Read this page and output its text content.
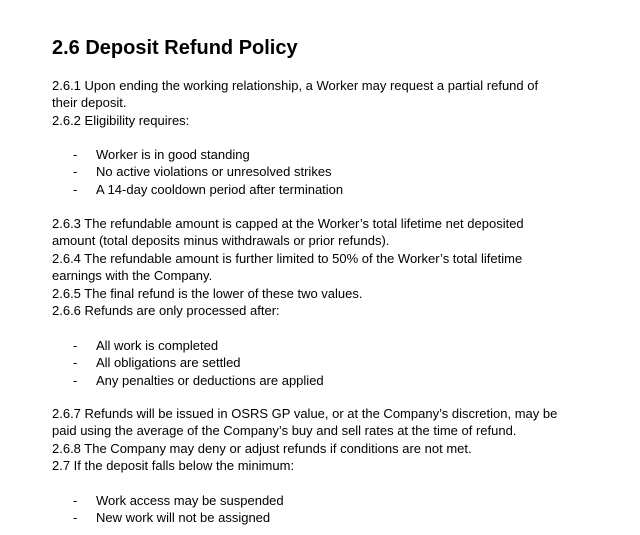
2.6 Deposit Refund Policy
2.6.1 Upon ending the working relationship, a Worker may request a partial refund of
their deposit.
2.6.2 Eligibility requires:
- Worker is in good standing
- No active violations or unresolved strikes
- A 14-day cooldown period after termination
2.6.3 The refundable amount is capped at the Worker’s total lifetime net deposited
amount (total deposits minus withdrawals or prior refunds).
2.6.4 The refundable amount is further limited to 50% of the Worker’s total lifetime
earnings with the Company.
2.6.5 The final refund is the lower of these two values.
2.6.6 Refunds are only processed after:
- All work is completed
- All obligations are settled
- Any penalties or deductions are applied
2.6.7 Refunds will be issued in OSRS GP value, or at the Company’s discretion, may be
paid using the average of the Company’s buy and sell rates at the time of refund.
2.6.8 The Company may deny or adjust refunds if conditions are not met.
2.7 If the deposit falls below the minimum:
- Work access may be suspended
- New work will not be assigned
